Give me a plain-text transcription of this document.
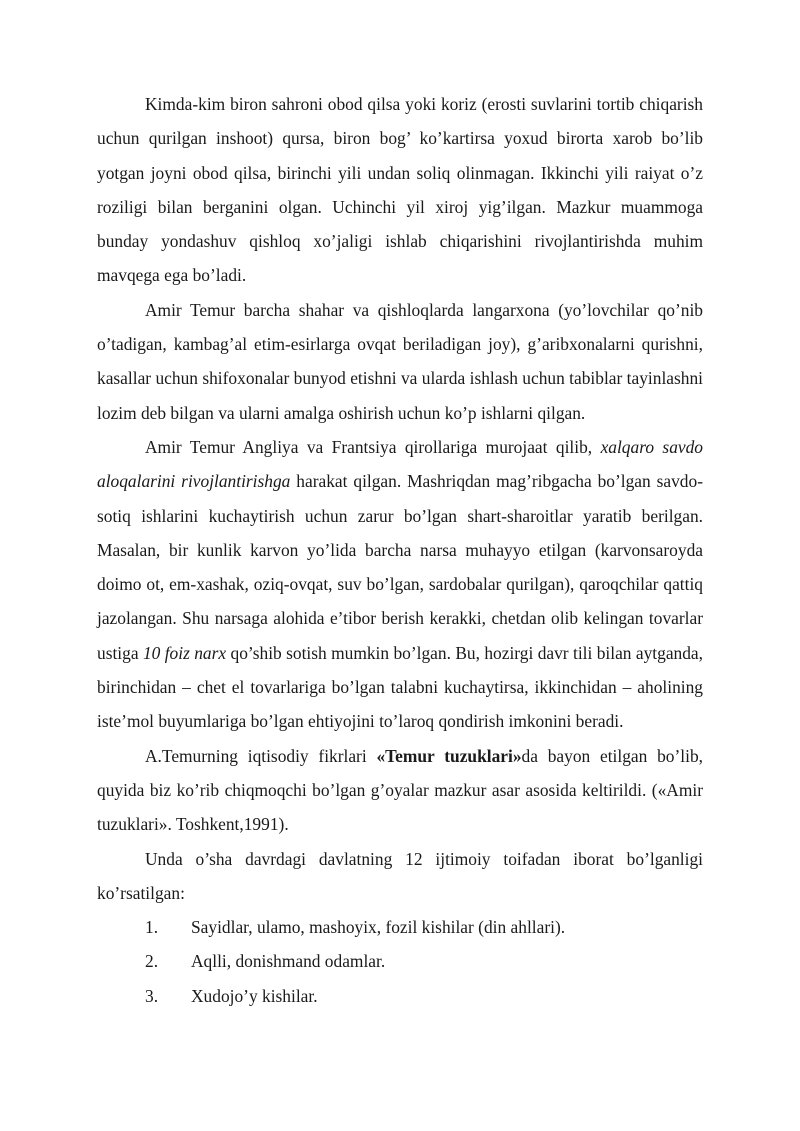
Kimda-kim biron sahroni obod qilsa yoki koriz (erosti suvlarini tortib chiqarish uchun qurilgan inshoot) qursa, biron bog’ ko’kartirsa yoxud birorta xarob bo’lib yotgan joyni obod qilsa, birinchi yili undan soliq olinmagan. Ikkinchi yili raiyat o’z roziligi bilan berganini olgan. Uchinchi yil xiroj yig’ilgan. Mazkur muammoga bunday yondashuv qishloq xo’jaligi ishlab chiqarishini rivojlantirishda muhim mavqega ega bo’ladi.

Amir Temur barcha shahar va qishloqlarda langarxona (yo’lovchilar qo’nib o’tadigan, kambag’al etim-esirlarga ovqat beriladigan joy), g’aribxonalarni qurishni, kasallar uchun shifoxonalar bunyod etishni va ularda ishlash uchun tabiblar tayinlashni lozim deb bilgan va ularni amalga oshirish uchun ko’p ishlarni qilgan.

Amir Temur Angliya va Frantsiya qirollariga murojaat qilib, xalqaro savdo aloqalarini rivojlantirishga harakat qilgan. Mashriqdan mag’ribgacha bo’lgan savdo-sotiq ishlarini kuchaytirish uchun zarur bo’lgan shart-sharoitlar yaratib berilgan. Masalan, bir kunlik karvon yo’lida barcha narsa muhayyo etilgan (karvonsaroyda doimo ot, em-xashak, oziq-ovqat, suv bo’lgan, sardobalar qurilgan), qaroqchilar qattiq jazolangan. Shu narsaga alohida e’tibor berish kerakki, chetdan olib kelingan tovarlar ustiga 10 foiz narx qo’shib sotish mumkin bo’lgan. Bu, hozirgi davr tili bilan aytganda, birinchidan – chet el tovarlariga bo’lgan talabni kuchaytirsa, ikkinchidan – aholining iste’mol buyumlariga bo’lgan ehtiyojini to’laroq qondirish imkonini beradi.

A.Temurning iqtisodiy fikrlari «Temur tuzuklari»da bayon etilgan bo’lib, quyida biz ko’rib chiqmoqchi bo’lgan g’oyalar mazkur asar asosida keltirildi. («Amir tuzuklari». Toshkent,1991).

Unda o’sha davrdagi davlatning 12 ijtimoiy toifadan iborat bo’lganligi ko’rsatilgan:

1.	Sayidlar, ulamo, mashoyix, fozil kishilar (din ahllari).
2.	Aqlli, donishmand odamlar.
3.	Xudojo’y kishilar.
